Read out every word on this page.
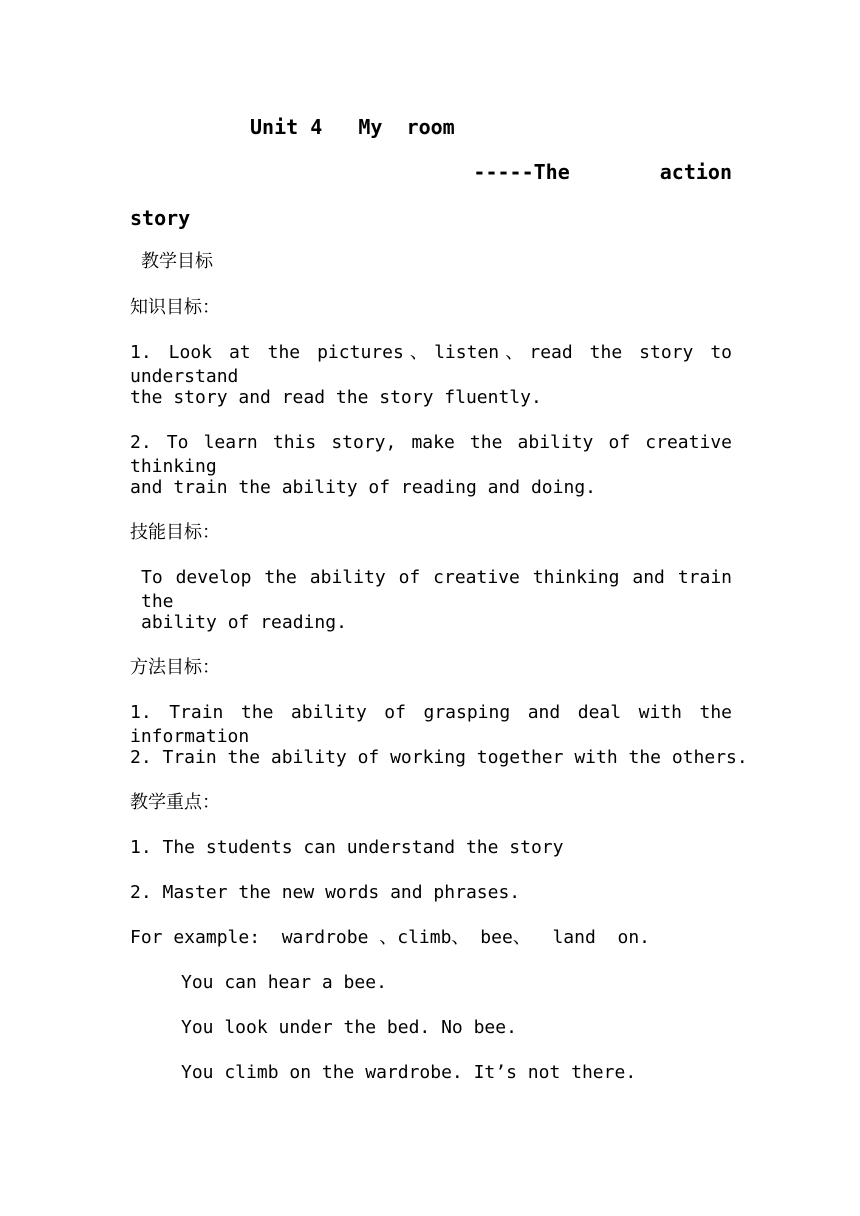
Unit 4   My  room
-----The	action
story
教学目标
知识目标：
1. Look at the pictures、listen、read the story to understand
the story and read the story fluently.
2. To learn this story, make the ability of creative thinking
and train the ability of reading and doing.
技能目标：
To develop the ability of creative thinking and train the
ability of reading.
方法目标：
1. Train the ability of grasping and deal with the information
2. Train the ability of working together with the others.
教学重点：
1. The students can understand the story
2. Master the new words and phrases.
For example:  wardrobe 、climb、 bee、  land  on.
You can hear a bee.
You look under the bed. No bee.
You climb on the wardrobe. It’s not there.
